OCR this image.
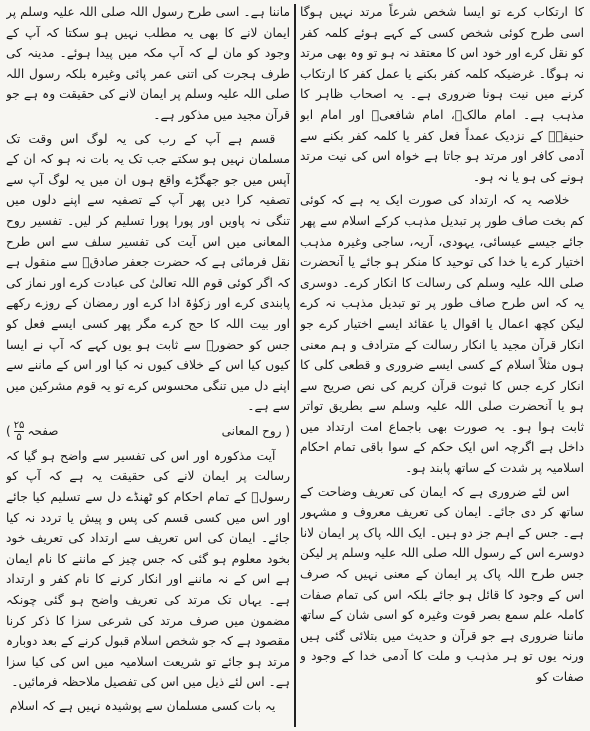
کا ارتکاب کرے تو ایسا شخص شرعاً مرتد نہیں ہوگا اسی طرح کوئی شخص کسی کے کہے ہوئے کلمہ کفر کو نقل کرے اور خود اس کا معتقد نہ ہو تو وہ بھی مرتد نہ ہوگا۔ غرضیکہ کلمہ کفر بکنے یا عمل کفر کا ارتکاب کرنے میں نیت ہونا ضروری ہے۔ یہ اصحاب ظاہر کا مذہب ہے۔ امام مالکؒ، امام شافعیؒ اور امام ابو حنیفہؒ کے نزدیک عمداً فعل کفر یا کلمہ کفر بکنے سے آدمی کافر اور مرتد ہو جاتا ہے خواہ اس کی نیت مرتد ہونے کی ہو یا نہ ہو۔

خلاصہ یہ کہ ارتداد کی صورت ایک یہ ہے کہ کوئی کم بخت صاف طور پر تبدیل مذہب کرکے اسلام سے پھر جائے جیسے عیسائی، یہودی، آریہ، ساجی وغیرہ مذہب اختیار کرے یا خدا کی توحید کا منکر ہو جائے یا آنحضرت صلی اللہ علیہ وسلم کی رسالت کا انکار کرے۔ دوسری یہ کہ اس طرح صاف طور پر تو تبدیل مذہب نہ کرے لیکن کچھ اعمال یا اقوال یا عقائد ایسے اختیار کرے جو انکار قرآن مجید یا انکار رسالت کے مترادف و ہم معنی ہوں مثلاً اسلام کے کسی ایسے ضروری و قطعی کلی کا انکار کرے جس کا ثبوت قرآن کریم کی نص صریح سے ہو یا آنحضرت صلی اللہ علیہ وسلم سے بطریق تواتر ثابت ہوا ہو۔ یہ صورت بھی باجماع امت ارتداد میں داخل ہے اگرچہ اس ایک حکم کے سوا باقی تمام احکام اسلامیہ پر شدت کے ساتھ پابند ہو۔

اس لئے ضروری ہے کہ ایمان کی تعریف وضاحت کے ساتھ کر دی جائے۔ ایمان کی تعریف معروف و مشہور ہے۔ جس کے اہم جز دو ہیں۔ ایک اللہ پاک پر ایمان لانا دوسرے اس کے رسول اللہ صلی اللہ علیہ وسلم پر لیکن جس طرح اللہ پاک پر ایمان کے معنی نہیں کہ صرف اس کے وجود کا قائل ہو جائے بلکہ اس کی تمام صفات کاملہ علم سمع بصر قوت وغیرہ کو اسی شان کے ساتھ ماننا ضروری ہے جو قرآن و حدیث میں بتلائی گئی ہیں ورنہ یوں تو ہر مذہب و ملت کا آدمی خدا کے وجود و صفات کو

ماننا ہے۔ اسی طرح رسول اللہ صلی اللہ علیہ وسلم پر ایمان لانے کا بھی یہ مطلب نہیں ہو سکتا کہ آپ کے وجود کو مان لے کہ آپ مکہ میں پیدا ہوئے۔ مدینہ کی طرف ہجرت کی اتنی عمر پائی وغیرہ بلکہ رسول اللہ صلی اللہ علیہ وسلم پر ایمان لانے کی حقیقت وہ ہے جو قرآن مجید میں مذکور ہے۔

قسم ہے آپ کے رب کی یہ لوگ اس وقت تک مسلمان نہیں ہو سکتے جب تک یہ بات نہ ہو کہ ان کے آپس میں جو جھگڑے واقع ہوں ان میں یہ لوگ آپ سے تصفیہ کرا دیں پھر آپ کے تصفیہ سے اپنے دلوں میں تنگی نہ پاویں اور پورا پورا تسلیم کر لیں۔ تفسیر روح المعانی میں اس آیت کی تفسیر سلف سے اس طرح نقل فرمائی ہے کہ حضرت جعفر صادقؒ سے منقول ہے کہ اگر کوئی قوم اللہ تعالیٰ کی عبادت کرے اور نماز کی پابندی کرے اور زکوٰۃ ادا کرے اور رمضان کے روزے رکھے اور بیت اللہ کا حج کرے مگر پھر کسی ایسے فعل کو جس کو حضورؐ سے ثابت ہو یوں کہے کہ آپ نے ایسا کیوں کیا اس کے خلاف کیوں نہ کیا اور اس کے ماننے سے اپنے دل میں تنگی محسوس کرے تو یہ قوم مشرکین میں سے ہے۔

( روح المعانی
صفحہ
۲۵
۵
)

آیت مذکورہ اور اس کی تفسیر سے واضح ہو گیا کہ رسالت پر ایمان لانے کی حقیقت یہ ہے کہ آپ کو رسولؐ کے تمام احکام کو ٹھنڈے دل سے تسلیم کیا جائے اور اس میں کسی قسم کی پس و پیش یا تردد نہ کیا جائے۔ ایمان کی اس تعریف سے ارتداد کی تعریف خود بخود معلوم ہو گئی کہ جس چیز کے ماننے کا نام ایمان ہے اس کے نہ ماننے اور انکار کرنے کا نام کفر و ارتداد ہے۔ یہاں تک مرتد کی تعریف واضح ہو گئی چونکہ مضمون میں صرف مرتد کی شرعی سزا کا ذکر کرنا مقصود ہے کہ جو شخص اسلام قبول کرنے کے بعد دوبارہ مرتد ہو جائے تو شریعت اسلامیہ میں اس کی کیا سزا ہے۔ اس لئے ذیل میں اس کی تفصیل ملاحظہ فرمائیں۔

یہ بات کسی مسلمان سے پوشیدہ نہیں ہے کہ اسلام
